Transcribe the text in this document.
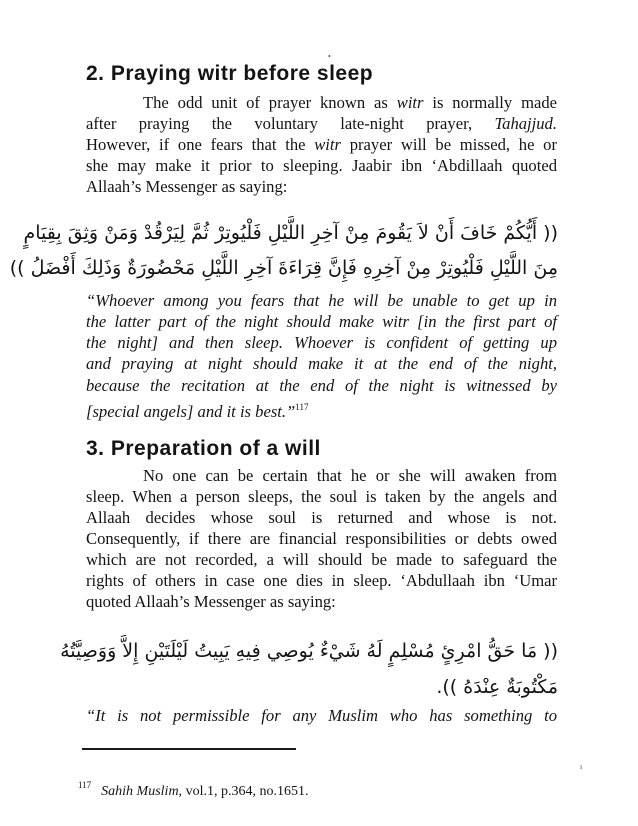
2. Praying witr before sleep

The odd unit of prayer known as witr is normally made

after praying the voluntary late-night prayer, Tahajjud.

However, if one fears that the witr prayer will be missed, he or

she may make it prior to sleeping. Jaabir ibn ‘Abdillaah quoted

Allaah’s Messenger as saying:

(( أَيُّكُمْ خَافَ أَنْ لاَ يَقُومَ مِنْ آخِرِ اللَّيْلِ فَلْيُوتِرْ ثُمَّ لِيَرْقُدْ وَمَنْ وَثِقَ بِقِيَامٍ

مِنَ اللَّيْلِ فَلْيُوتِرْ مِنْ آخِرِهِ فَإِنَّ قِرَاءَةَ آخِرِ اللَّيْلِ مَحْضُورَةٌ وَذَلِكَ أَفْضَلُ ))

“Whoever among you fears that he will be unable to get up in

the latter part of the night should make witr [in the first part of

the night] and then sleep. Whoever is confident of getting up

and praying at night should make it at the end of the night,

because the recitation at the end of the night is witnessed by

[special angels] and it is best.”$^{117}$

3. Preparation of a will

No one can be certain that he or she will awaken from

sleep. When a person sleeps, the soul is taken by the angels and

Allaah decides whose soul is returned and whose is not.

Consequently, if there are financial responsibilities or debts owed

which are not recorded, a will should be made to safeguard the

rights of others in case one dies in sleep. ‘Abdullaah ibn ‘Umar

quoted Allaah’s Messenger as saying:

(( مَا حَقُّ امْرِئٍ مُسْلِمٍ لَهُ شَيْءٌ يُوصِي فِيهِ يَبِيتُ لَيْلَتَيْنِ إِلاَّ وَوَصِيَّتُهُ

مَكْتُوبَةٌ عِنْدَهُ )).

“It is not permissible for any Muslim who has something to

$^{117}$ Sahih Muslim, vol.1, p.364, no.1651.

•
ı
